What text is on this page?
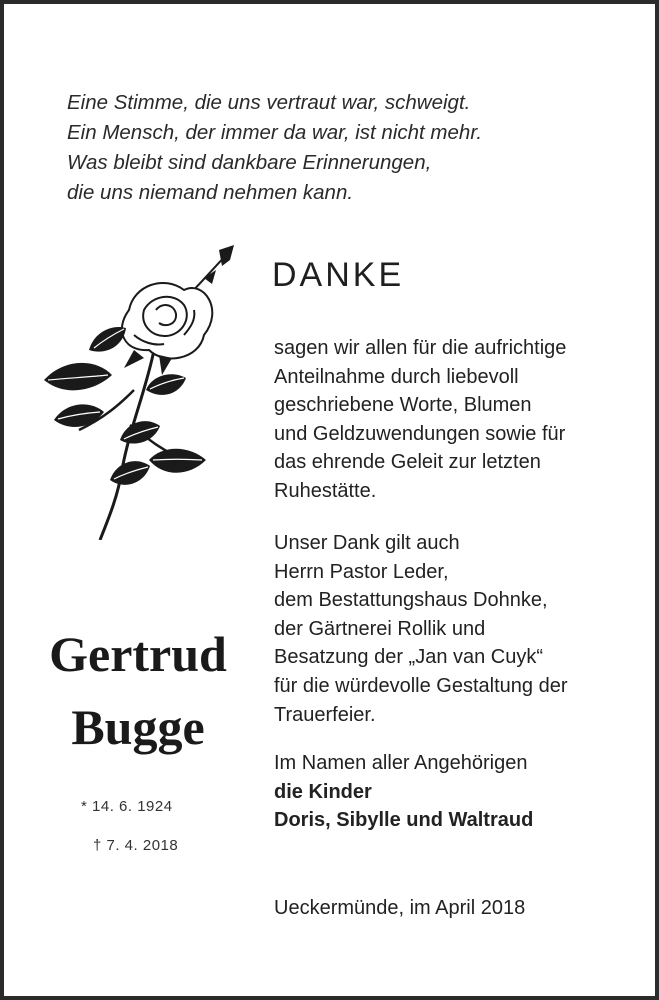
Eine Stimme, die uns vertraut war, schweigt.
Ein Mensch, der immer da war, ist nicht mehr.
Was bleibt sind dankbare Erinnerungen,
die uns niemand nehmen kann.
Gertrud
Bugge
* 14. 6. 1924
† 7. 4. 2018
DANKE
sagen wir allen für die aufrichtige
Anteilnahme durch liebevoll
geschriebene Worte, Blumen
und Geldzuwendungen sowie für
das ehrende Geleit zur letzten
Ruhestätte.
Unser Dank gilt auch
Herrn Pastor Leder,
dem Bestattungshaus Dohnke,
der Gärtnerei Rollik und
Besatzung der „Jan van Cuyk“
für die würdevolle Gestaltung der
Trauerfeier.
Im Namen aller Angehörigen
die Kinder
Doris, Sibylle und Waltraud
Ueckermünde, im April 2018
